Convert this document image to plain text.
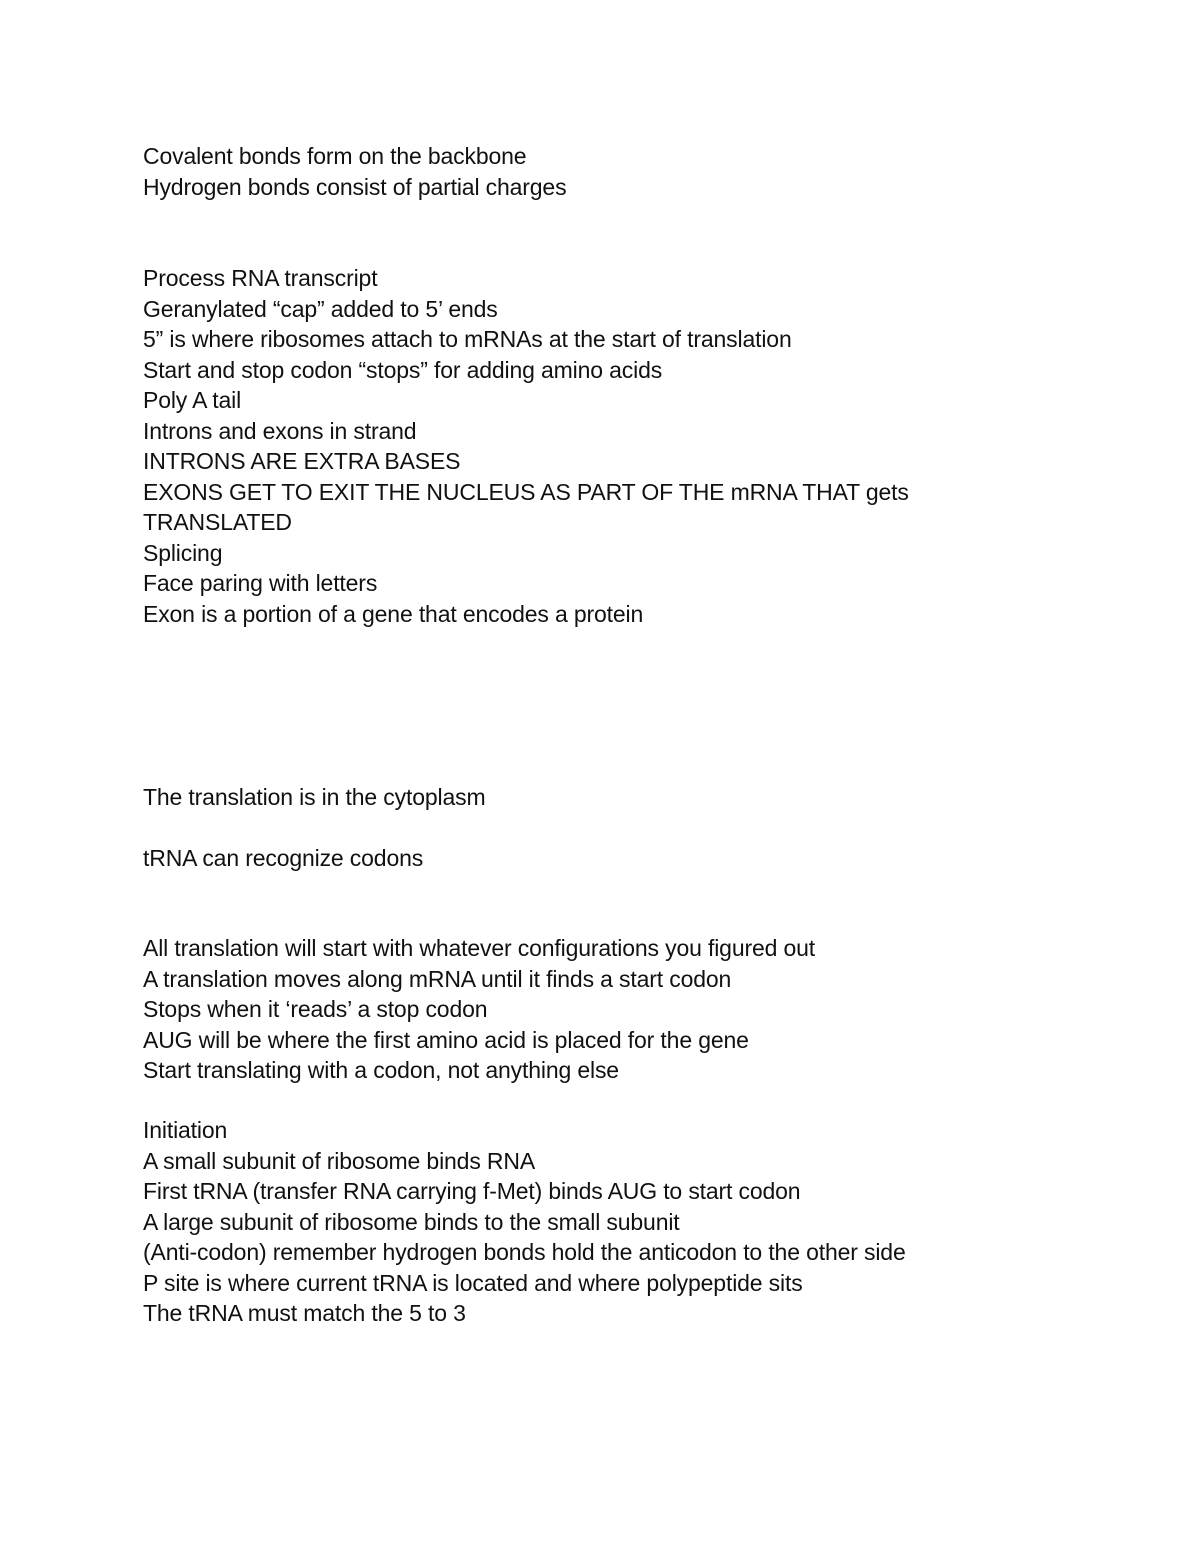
Covalent bonds form on the backbone
Hydrogen bonds consist of partial charges
Process RNA transcript
Geranylated “cap” added to 5’ ends
5” is where ribosomes attach to mRNAs at the start of translation
Start and stop codon “stops” for adding amino acids
Poly A tail
Introns and exons in strand
INTRONS ARE EXTRA BASES
EXONS GET TO EXIT THE NUCLEUS AS PART OF THE mRNA THAT gets
TRANSLATED
Splicing
Face paring with letters
Exon is a portion of a gene that encodes a protein
The translation is in the cytoplasm
tRNA can recognize codons
All translation will start with whatever configurations you figured out
A translation moves along mRNA until it finds a start codon
Stops when it ‘reads’ a stop codon
AUG will be where the first amino acid is placed for the gene
Start translating with a codon, not anything else
Initiation
A small subunit of ribosome binds RNA
First tRNA (transfer RNA carrying f-Met) binds AUG to start codon
A large subunit of ribosome binds to the small subunit
(Anti-codon) remember hydrogen bonds hold the anticodon to the other side
P site is where current tRNA is located and where polypeptide sits
The tRNA must match the 5 to 3
